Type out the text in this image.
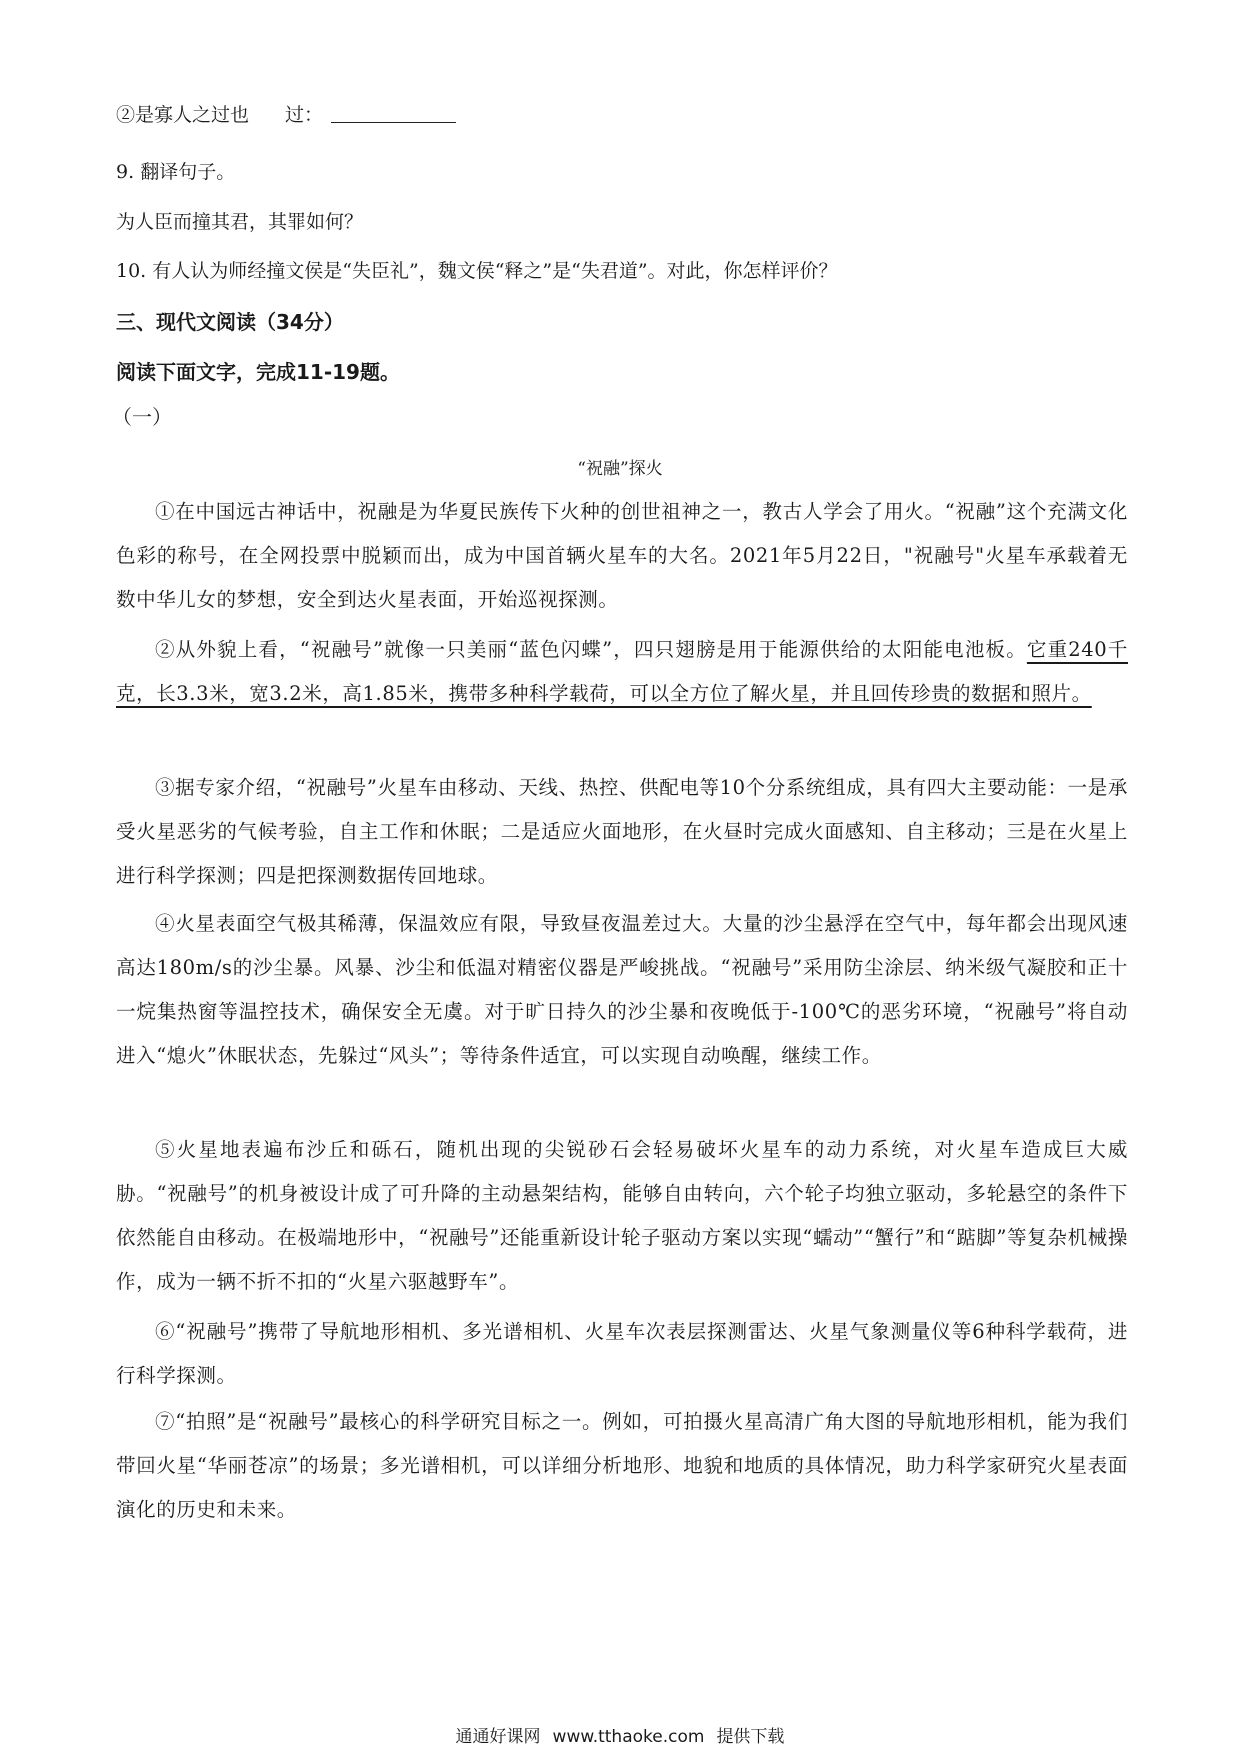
②是寡人之过也 过：
9. 翻译句子。
为人臣而撞其君，其罪如何？
10. 有人认为师经撞文侯是“失臣礼”，魏文侯“释之”是“失君道”。对此，你怎样评价？
三、现代文阅读（34分）
阅读下面文字，完成11-19题。
（一）
“祝融”探火

①在中国远古神话中，祝融是为华夏民族传下火种的创世祖神之一，教古人学会了用火。“祝融”这个充满文化色彩的称号，在全网投票中脱颖而出，成为中国首辆火星车的大名。2021年5月22日，"祝融号"火星车承载着无数中华儿女的梦想，安全到达火星表面，开始巡视探测。

②从外貌上看，“祝融号”就像一只美丽“蓝色闪蝶”，四只翅膀是用于能源供给的太阳能电池板。它重240千克，长3.3米，宽3.2米，高1.85米，携带多种科学载荷，可以全方位了解火星，并且回传珍贵的数据和照片。

③据专家介绍，“祝融号”火星车由移动、天线、热控、供配电等10个分系统组成，具有四大主要动能：一是承受火星恶劣的气候考验，自主工作和休眠；二是适应火面地形，在火昼时完成火面感知、自主移动；三是在火星上进行科学探测；四是把探测数据传回地球。

④火星表面空气极其稀薄，保温效应有限，导致昼夜温差过大。大量的沙尘悬浮在空气中，每年都会出现风速高达180m/s的沙尘暴。风暴、沙尘和低温对精密仪器是严峻挑战。“祝融号”采用防尘涂层、纳米级气凝胶和正十一烷集热窗等温控技术，确保安全无虞。对于旷日持久的沙尘暴和夜晚低于-100℃的恶劣环境，“祝融号”将自动进入“熄火”休眠状态，先躲过“风头”；等待条件适宜，可以实现自动唤醒，继续工作。

⑤火星地表遍布沙丘和砾石，随机出现的尖锐砂石会轻易破坏火星车的动力系统，对火星车造成巨大威胁。“祝融号”的机身被设计成了可升降的主动悬架结构，能够自由转向，六个轮子均独立驱动，多轮悬空的条件下依然能自由移动。在极端地形中，“祝融号”还能重新设计轮子驱动方案以实现“蠕动”“蟹行”和“踮脚”等复杂机械操作，成为一辆不折不扣的“火星六驱越野车”。

⑥“祝融号”携带了导航地形相机、多光谱相机、火星车次表层探测雷达、火星气象测量仪等6种科学载荷，进行科学探测。

⑦“拍照”是“祝融号”最核心的科学研究目标之一。例如，可拍摄火星高清广角大图的导航地形相机，能为我们带回火星“华丽苍凉”的场景；多光谱相机，可以详细分析地形、地貌和地质的具体情况，助力科学家研究火星表面演化的历史和未来。

通通好课网 www.tthaoke.com 提供下载
